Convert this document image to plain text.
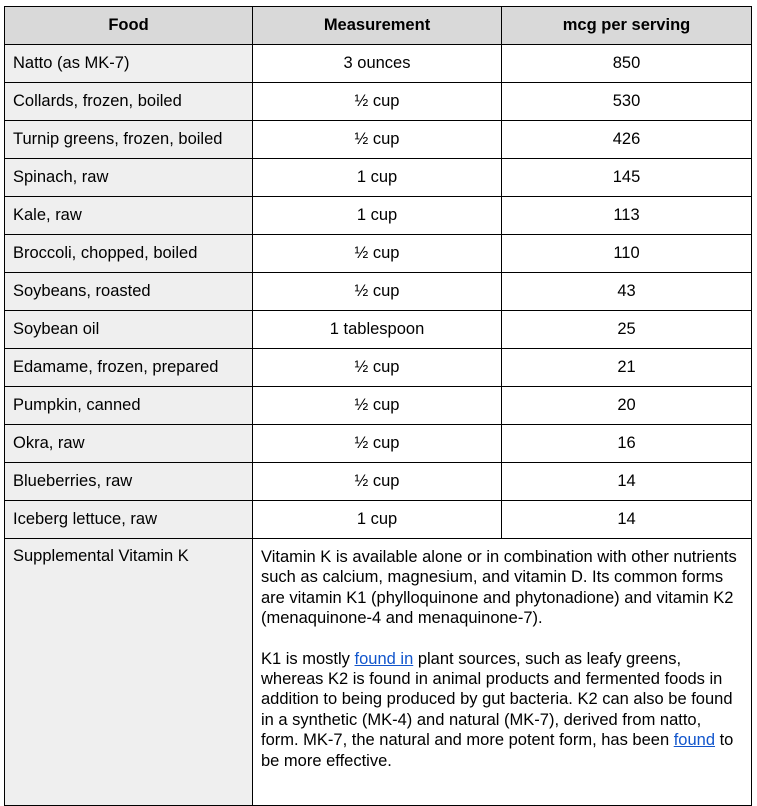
Food	Measurement	mcg per serving
Natto (as MK-7)	3 ounces	850
Collards, frozen, boiled	½ cup	530
Turnip greens, frozen, boiled	½ cup	426
Spinach, raw	1 cup	145
Kale, raw	1 cup	113
Broccoli, chopped, boiled	½ cup	110
Soybeans, roasted	½ cup	43
Soybean oil	1 tablespoon	25
Edamame, frozen, prepared	½ cup	21
Pumpkin, canned	½ cup	20
Okra, raw	½ cup	16
Blueberries, raw	½ cup	14
Iceberg lettuce, raw	1 cup	14
Supplemental Vitamin K	Vitamin K is available alone or in combination with other nutrients such as calcium, magnesium, and vitamin D. Its common forms are vitamin K1 (phylloquinone and phytonadione) and vitamin K2 (menaquinone-4 and menaquinone-7).

K1 is mostly found in plant sources, such as leafy greens, whereas K2 is found in animal products and fermented foods in addition to being produced by gut bacteria. K2 can also be found in a synthetic (MK-4) and natural (MK-7), derived from natto, form. MK-7, the natural and more potent form, has been found to be more effective.	
